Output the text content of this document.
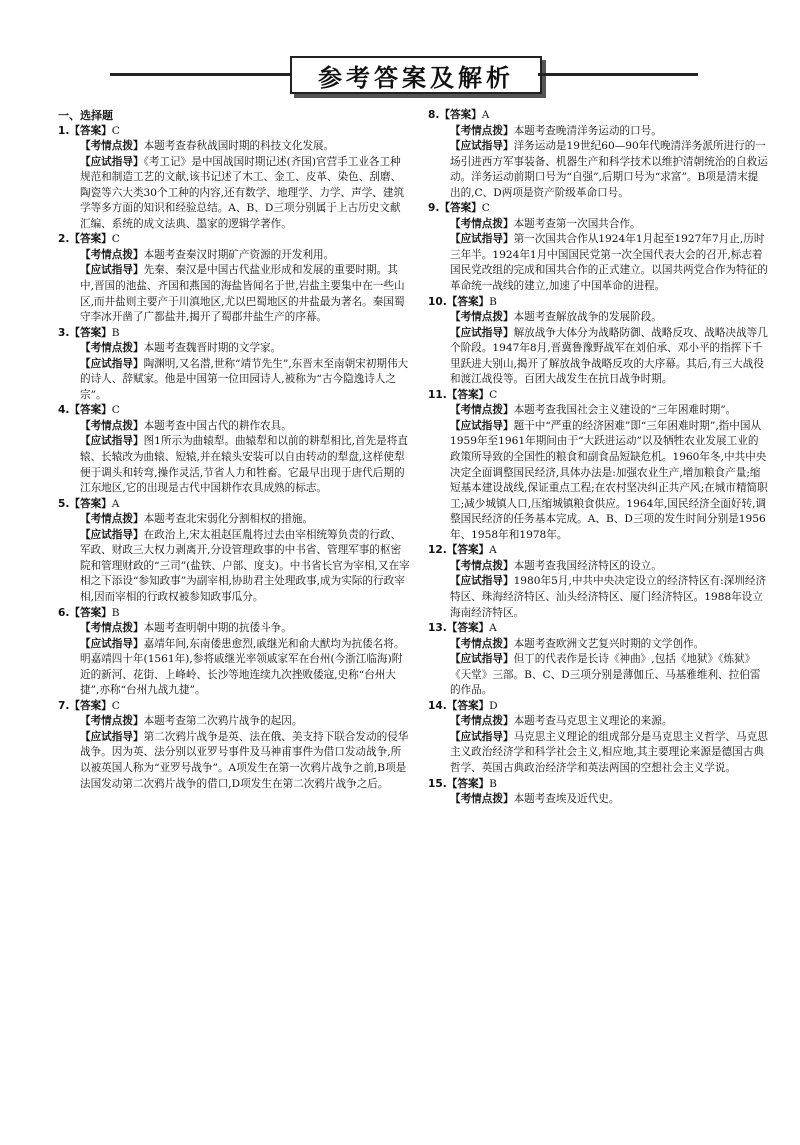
参考答案及解析
一、选择题
1.【答案】C
【考情点拨】本题考查春秋战国时期的科技文化发展。
【应试指导】《考工记》是中国战国时期记述(齐国)官营手工业各工种规范和制造工艺的文献,该书记述了木工、金工、皮革、染色、刮磨、陶瓷等六大类30个工种的内容,还有数学、地理学、力学、声学、建筑学等多方面的知识和经验总结。A、B、D三项分别属于上古历史文献汇编、系统的成文法典、墨家的逻辑学著作。
2.【答案】C
【考情点拨】本题考查秦汉时期矿产资源的开发利用。
【应试指导】先秦、秦汉是中国古代盐业形成和发展的重要时期。其中,晋国的池盐、齐国和燕国的海盐皆闻名于世,岩盐主要集中在一些山区,而井盐则主要产于川滇地区,尤以巴蜀地区的井盐最为著名。秦国蜀守李冰开凿了广都盐井,揭开了蜀郡井盐生产的序幕。
3.【答案】B
【考情点拨】本题考查魏晋时期的文学家。
【应试指导】陶渊明,又名潜,世称“靖节先生”,东晋末至南朝宋初期伟大的诗人、辞赋家。他是中国第一位田园诗人,被称为“古今隐逸诗人之宗”。
4.【答案】C
【考情点拨】本题考查中国古代的耕作农具。
【应试指导】图1所示为曲辕犁。曲辕犁和以前的耕犁相比,首先是将直辕、长辕改为曲辕、短辕,并在辕头安装可以自由转动的犁盘,这样使犁便于调头和转弯,操作灵活,节省人力和牲畜。它最早出现于唐代后期的江东地区,它的出现是古代中国耕作农具成熟的标志。
5.【答案】A
【考情点拨】本题考查北宋弱化分割相权的措施。
【应试指导】在政治上,宋太祖赵匡胤将过去由宰相统筹负责的行政、军政、财政三大权力剥离开,分设管理政事的中书省、管理军事的枢密院和管理财政的“三司”(盐铁、户部、度支)。中书省长官为宰相,又在宰相之下添设“参知政事”为副宰相,协助君主处理政事,成为实际的行政宰相,因而宰相的行政权被参知政事瓜分。
6.【答案】B
【考情点拨】本题考查明朝中期的抗倭斗争。
【应试指导】嘉靖年间,东南倭患愈烈,戚继光和俞大猷均为抗倭名将。明嘉靖四十年(1561年),参将戚继光率领戚家军在台州(今浙江临海)附近的新河、花街、上峰岭、长沙等地连续九次挫败倭寇,史称“台州大捷”,亦称“台州九战九捷”。
7.【答案】C
【考情点拨】本题考查第二次鸦片战争的起因。
【应试指导】第二次鸦片战争是英、法在俄、美支持下联合发动的侵华战争。因为英、法分别以亚罗号事件及马神甫事件为借口发动战争,所以被英国人称为“亚罗号战争”。A项发生在第一次鸦片战争之前,B项是法国发动第二次鸦片战争的借口,D项发生在第二次鸦片战争之后。
8.【答案】A
【考情点拨】本题考查晚清洋务运动的口号。
【应试指导】洋务运动是19世纪60—90年代晚清洋务派所进行的一场引进西方军事装备、机器生产和科学技术以维护清朝统治的自救运动。洋务运动前期口号为“自强”,后期口号为“求富”。B项是清末提出的,C、D两项是资产阶级革命口号。
9.【答案】C
【考情点拨】本题考查第一次国共合作。
【应试指导】第一次国共合作从1924年1月起至1927年7月止,历时三年半。1924年1月中国国民党第一次全国代表大会的召开,标志着国民党改组的完成和国共合作的正式建立。以国共两党合作为特征的革命统一战线的建立,加速了中国革命的进程。
10.【答案】B
【考情点拨】本题考查解放战争的发展阶段。
【应试指导】解放战争大体分为战略防御、战略反攻、战略决战等几个阶段。1947年8月,晋冀鲁豫野战军在刘伯承、邓小平的指挥下千里跃进大别山,揭开了解放战争战略反攻的大序幕。其后,有三大战役和渡江战役等。百团大战发生在抗日战争时期。
11.【答案】C
【考情点拨】本题考查我国社会主义建设的“三年困难时期”。
【应试指导】题干中“严重的经济困难”即“三年困难时期”,指中国从1959年至1961年期间由于“大跃进运动”以及牺牲农业发展工业的政策所导致的全国性的粮食和副食品短缺危机。1960年冬,中共中央决定全面调整国民经济,具体办法是:加强农业生产,增加粮食产量;缩短基本建设战线,保证重点工程;在农村坚决纠正共产风;在城市精简职工;减少城镇人口,压缩城镇粮食供应。1964年,国民经济全面好转,调整国民经济的任务基本完成。A、B、D三项的发生时间分别是1956年、1958年和1978年。
12.【答案】A
【考情点拨】本题考查我国经济特区的设立。
【应试指导】1980年5月,中共中央决定设立的经济特区有:深圳经济特区、珠海经济特区、汕头经济特区、厦门经济特区。1988年设立海南经济特区。
13.【答案】A
【考情点拨】本题考查欧洲文艺复兴时期的文学创作。
【应试指导】但丁的代表作是长诗《神曲》,包括《地狱》《炼狱》《天堂》三部。B、C、D三项分别是薄伽丘、马基雅维利、拉伯雷的作品。
14.【答案】D
【考情点拨】本题考查马克思主义理论的来源。
【应试指导】马克思主义理论的组成部分是马克思主义哲学、马克思主义政治经济学和科学社会主义,相应地,其主要理论来源是德国古典哲学、英国古典政治经济学和英法两国的空想社会主义学说。
15.【答案】B
【考情点拨】本题考查埃及近代史。
